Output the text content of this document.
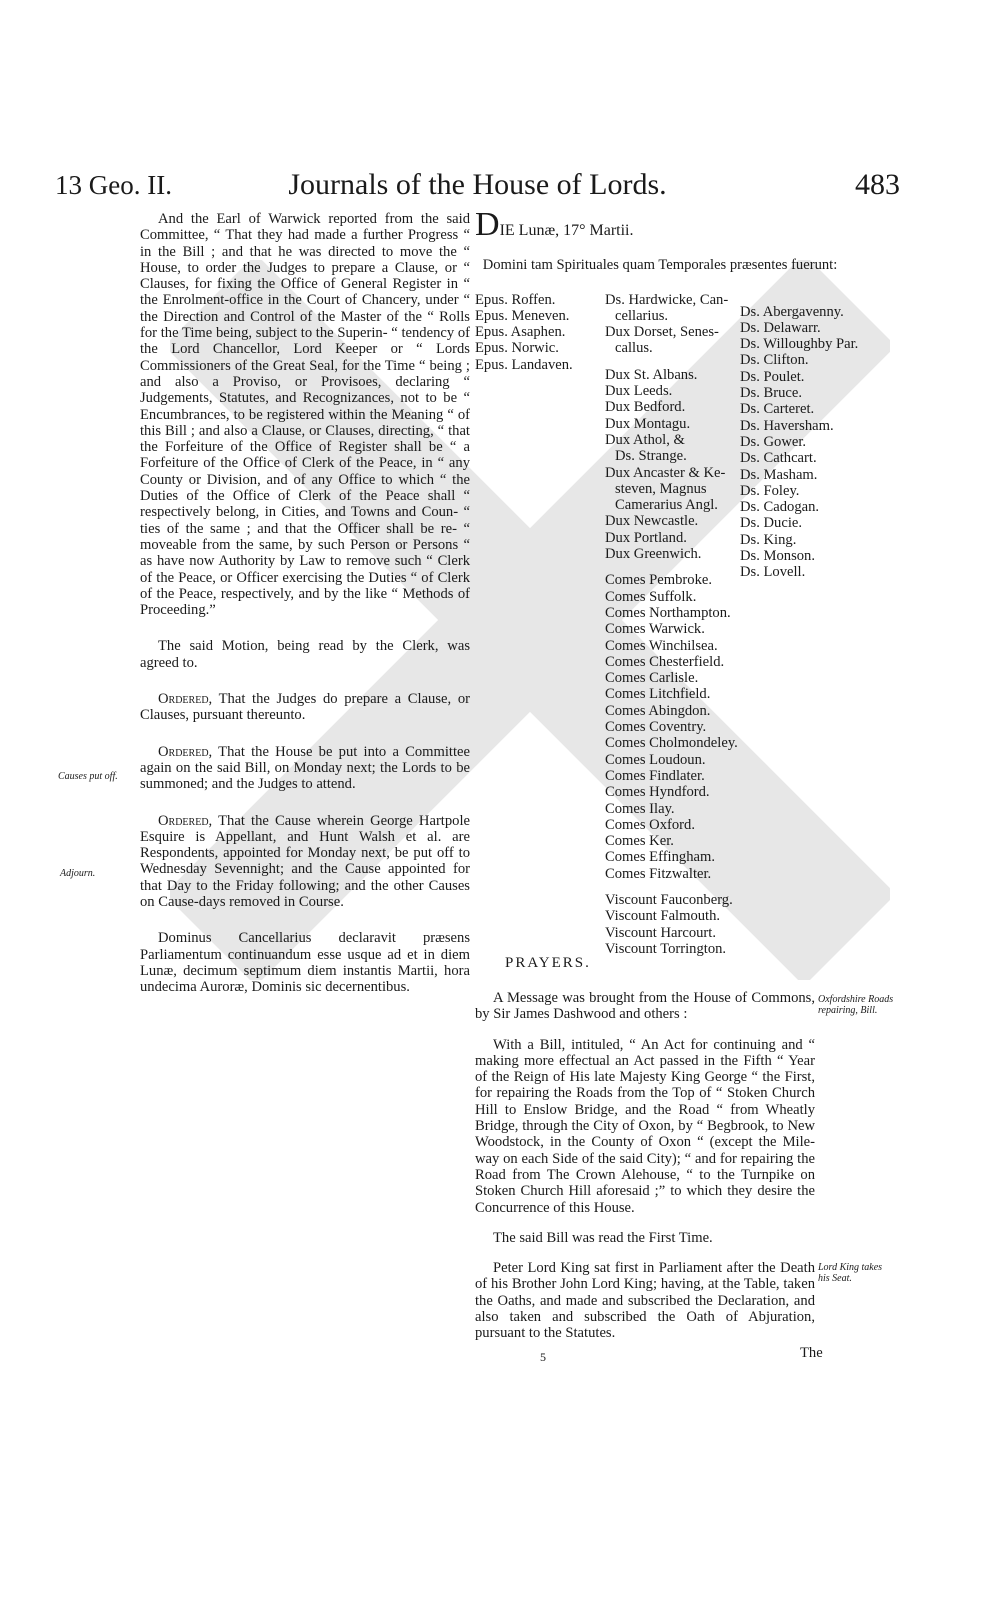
13 Geo. II.	Journals of the House of Lords.	483

And the Earl of Warwick reported from the said Committee, “ That they had made a further Progress “ in the Bill ; and that he was directed to move the “ House, to order the Judges to prepare a Clause, or “ Clauses, for fixing the Office of General Register in “ the Enrolment-office in the Court of Chancery, under “ the Direction and Control of the Master of the “ Rolls for the Time being, subject to the Superin- “ tendency of the Lord Chancellor, Lord Keeper or “ Lords Commissioners of the Great Seal, for the Time “ being ; and also a Proviso, or Provisoes, declaring “ Judgements, Statutes, and Recognizances, not to be “ Encumbrances, to be registered within the Meaning “ of this Bill ; and also a Clause, or Clauses, directing, “ that the Forfeiture of the Office of Register shall be “ a Forfeiture of the Office of Clerk of the Peace, in “ any County or Division, and of any Office to which “ the Duties of the Office of Clerk of the Peace shall “ respectively belong, in Cities, and Towns and Coun- “ ties of the same ; and that the Officer shall be re- “ moveable from the same, by such Person or Persons “ as have now Authority by Law to remove such “ Clerk of the Peace, or Officer exercising the Duties “ of Clerk of the Peace, respectively, and by the like “ Methods of Proceeding.”

The said Motion, being read by the Clerk, was agreed to.

Ordered, That the Judges do prepare a Clause, or Clauses, pursuant thereunto.

Ordered, That the House be put into a Committee again on the said Bill, on Monday next; the Lords to be summoned; and the Judges to attend.

Ordered, That the Cause wherein George Hartpole Esquire is Appellant, and Hunt Walsh et al. are Respondents, appointed for Monday next, be put off to Wednesday Sevennight; and the Cause appointed for that Day to the Friday following; and the other Causes on Cause-days removed in Course.

Dominus Cancellarius declaravit præsens Parliamentum continuandum esse usque ad et in diem Lunæ, decimum septimum diem instantis Martii, hora undecima Auroræ, Dominis sic decernentibus.

Causes put off.
Adjourn.
DIE Lunæ, 17° Martii.
Domini tam Spirituales quam Temporales præsentes fuerunt:
Epus. Roffen.
Epus. Meneven.
Epus. Asaphen.
Epus. Norwic.
Epus. Landaven.
Ds. Hardwicke, Can-
cellarius.
Dux Dorset, Senes-
callus.
Dux St. Albans.
Dux Leeds.
Dux Bedford.
Dux Montagu.
Dux Athol, &
Ds. Strange.
Dux Ancaster & Ke-
steven, Magnus
Camerarius Angl.
Dux Newcastle.
Dux Portland.
Dux Greenwich.
Comes Pembroke.
Comes Suffolk.
Comes Northampton.
Comes Warwick.
Comes Winchilsea.
Comes Chesterfield.
Comes Carlisle.
Comes Litchfield.
Comes Abingdon.
Comes Coventry.
Comes Cholmondeley.
Comes Loudoun.
Comes Findlater.
Comes Hyndford.
Comes Ilay.
Comes Oxford.
Comes Ker.
Comes Effingham.
Comes Fitzwalter.
Viscount Fauconberg.
Viscount Falmouth.
Viscount Harcourt.
Viscount Torrington.
Ds. Abergavenny.
Ds. Delawarr.
Ds. Willoughby Par.
Ds. Clifton.
Ds. Poulet.
Ds. Bruce.
Ds. Carteret.
Ds. Haversham.
Ds. Gower.
Ds. Cathcart.
Ds. Masham.
Ds. Foley.
Ds. Cadogan.
Ds. Ducie.
Ds. King.
Ds. Monson.
Ds. Lovell.
PRAYERS.

A Message was brought from the House of Commons, by Sir James Dashwood and others :

With a Bill, intituled, “ An Act for continuing and “ making more effectual an Act passed in the Fifth “ Year of the Reign of His late Majesty King George “ the First, for repairing the Roads from the Top of “ Stoken Church Hill to Enslow Bridge, and the Road “ from Wheatly Bridge, through the City of Oxon, by “ Begbrook, to New Woodstock, in the County of Oxon “ (except the Mile-way on each Side of the said City); “ and for repairing the Road from The Crown Alehouse, “ to the Turnpike on Stoken Church Hill aforesaid ;” to which they desire the Concurrence of this House.

The said Bill was read the First Time.

Peter Lord King sat first in Parliament after the Death of his Brother John Lord King; having, at the Table, taken the Oaths, and made and subscribed the Declaration, and also taken and subscribed the Oath of Abjuration, pursuant to the Statutes.

Oxfordshire Roads repairing, Bill.
Lord King takes his Seat.
5	The
